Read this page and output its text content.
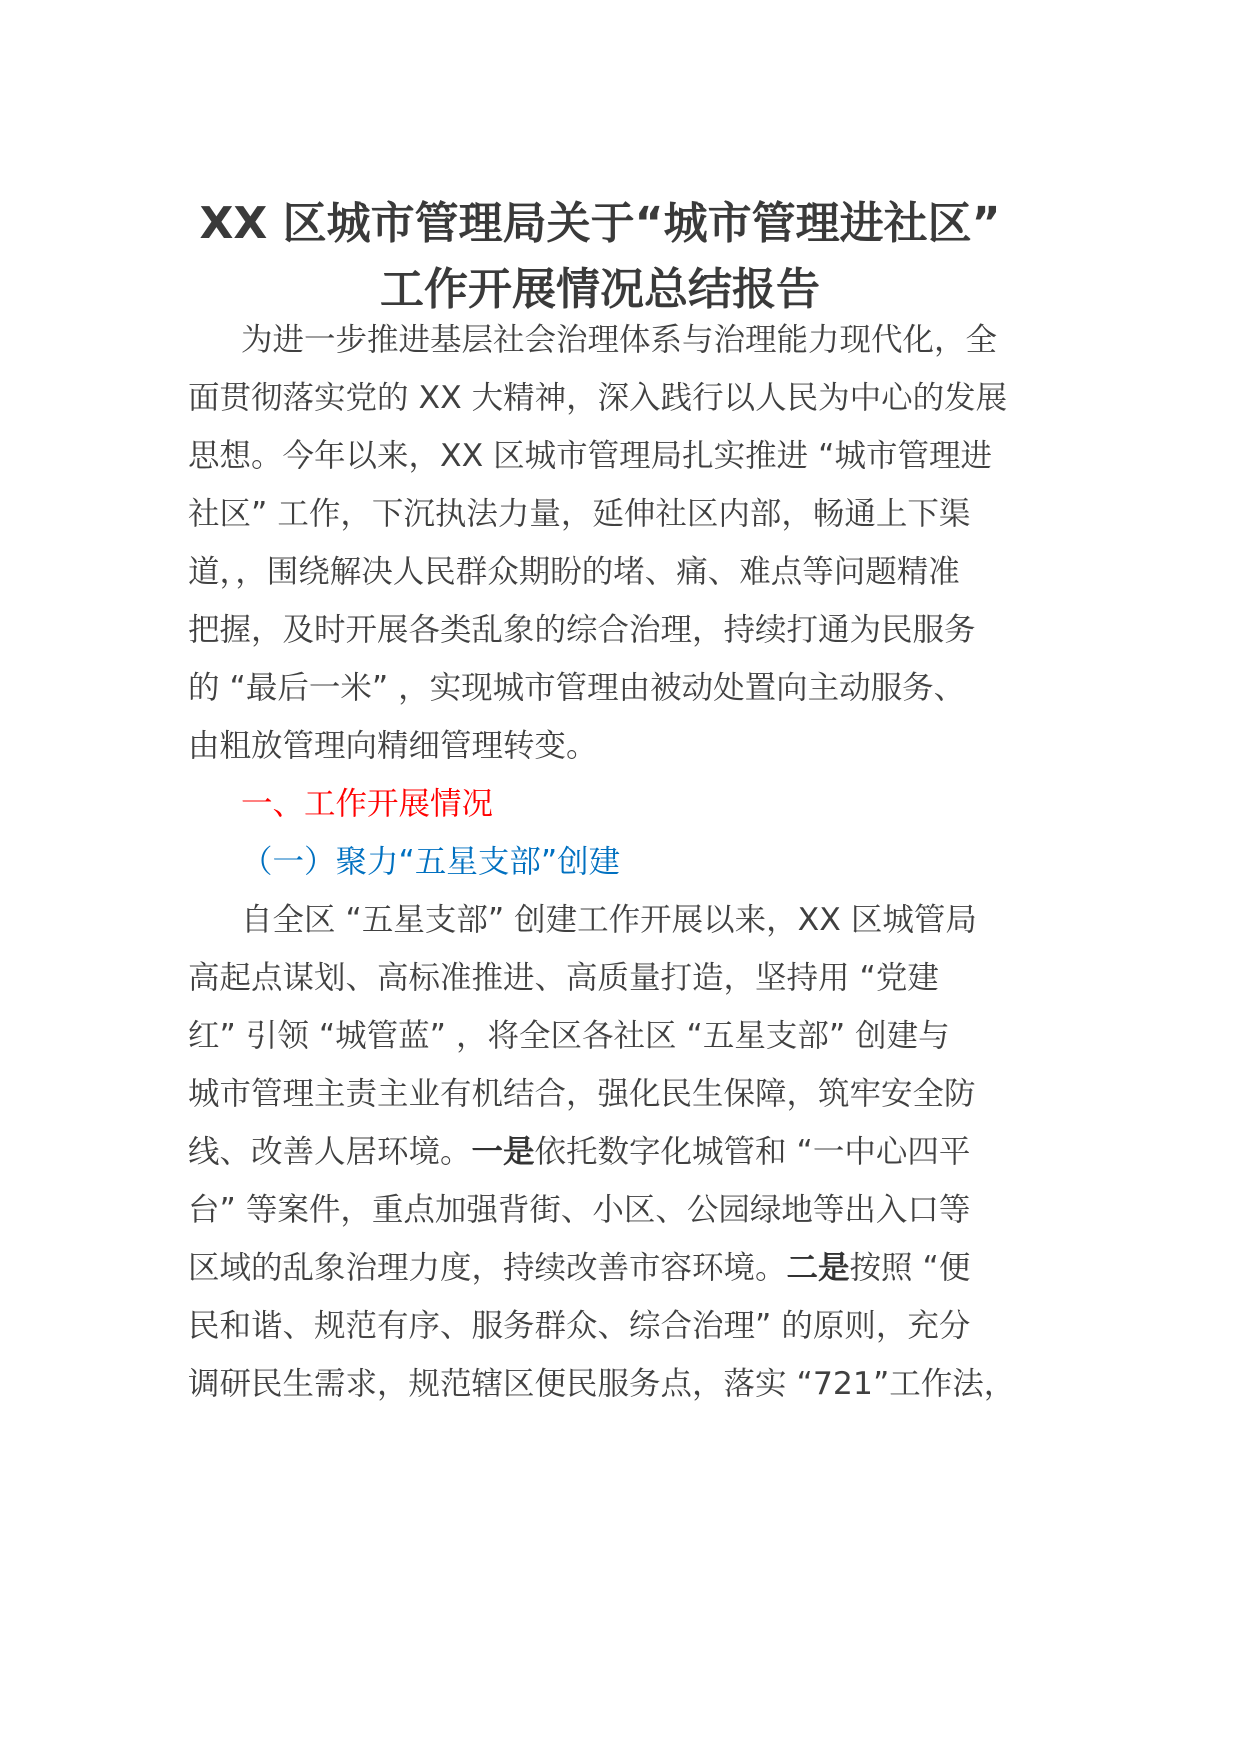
XX 区城市管理局关于“城市管理进社区”
工作开展情况总结报告
为进一步推进基层社会治理体系与治理能力现代化，全
面贯彻落实党的 XX 大精神，深入践行以人民为中心的发展
思想。今年以来，XX 区城市管理局扎实推进 “城市管理进
社区” 工作，下沉执法力量，延伸社区内部，畅通上下渠
道，，围绕解决人民群众期盼的堵、痛、难点等问题精准
把握，及时开展各类乱象的综合治理，持续打通为民服务
的 “最后一米” ，实现城市管理由被动处置向主动服务、
由粗放管理向精细管理转变。
一、工作开展情况
（一）聚力“五星支部”创建
自全区 “五星支部” 创建工作开展以来，XX 区城管局
高起点谋划、高标准推进、高质量打造，坚持用 “党建
红” 引领 “城管蓝” ，将全区各社区 “五星支部” 创建与
城市管理主责主业有机结合，强化民生保障，筑牢安全防
线、改善人居环境。一是依托数字化城管和 “一中心四平
台” 等案件，重点加强背街、小区、公园绿地等出入口等
区域的乱象治理力度，持续改善市容环境。二是按照 “便
民和谐、规范有序、服务群众、综合治理” 的原则，充分
调研民生需求，规范辖区便民服务点，落实 “721”工作法，
